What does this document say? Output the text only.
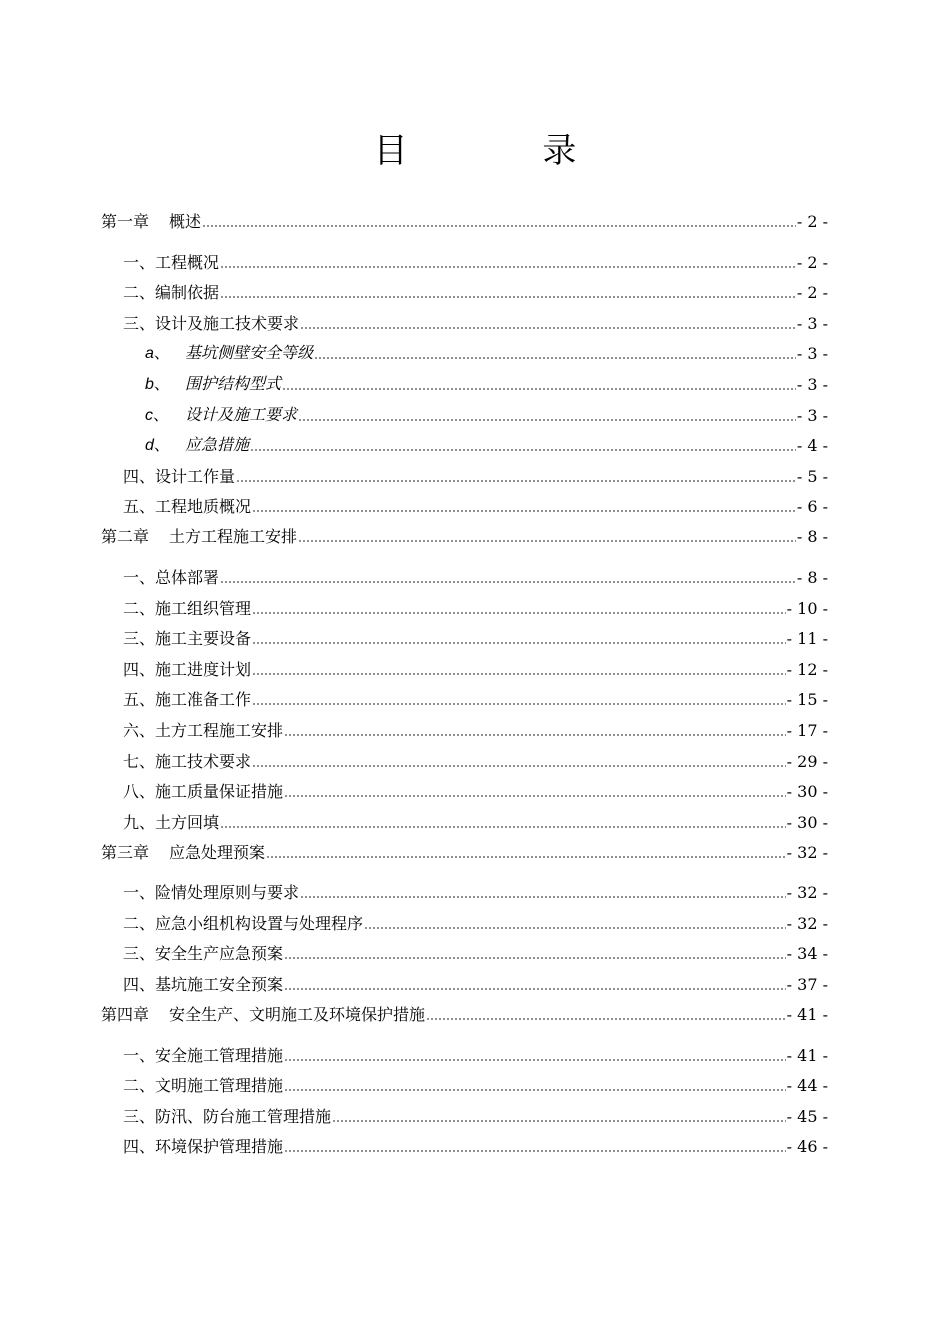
目 录
第一章 概述	- 2 -
一、工程概况	- 2 -
二、编制依据	- 2 -
三、设计及施工技术要求	- 3 -
a、 基坑侧壁安全等级	- 3 -
b、 围护结构型式	- 3 -
c、 设计及施工要求	- 3 -
d、 应急措施	- 4 -
四、设计工作量	- 5 -
五、工程地质概况	- 6 -
第二章 土方工程施工安排	- 8 -
一、总体部署	- 8 -
二、施工组织管理	- 10 -
三、施工主要设备	- 11 -
四、施工进度计划	- 12 -
五、施工准备工作	- 15 -
六、土方工程施工安排	- 17 -
七、施工技术要求	- 29 -
八、施工质量保证措施	- 30 -
九、土方回填	- 30 -
第三章 应急处理预案	- 32 -
一、险情处理原则与要求	- 32 -
二、应急小组机构设置与处理程序	- 32 -
三、安全生产应急预案	- 34 -
四、基坑施工安全预案	- 37 -
第四章 安全生产、文明施工及环境保护措施	- 41 -
一、安全施工管理措施	- 41 -
二、文明施工管理措施	- 44 -
三、防汛、防台施工管理措施	- 45 -
四、环境保护管理措施	- 46 -
